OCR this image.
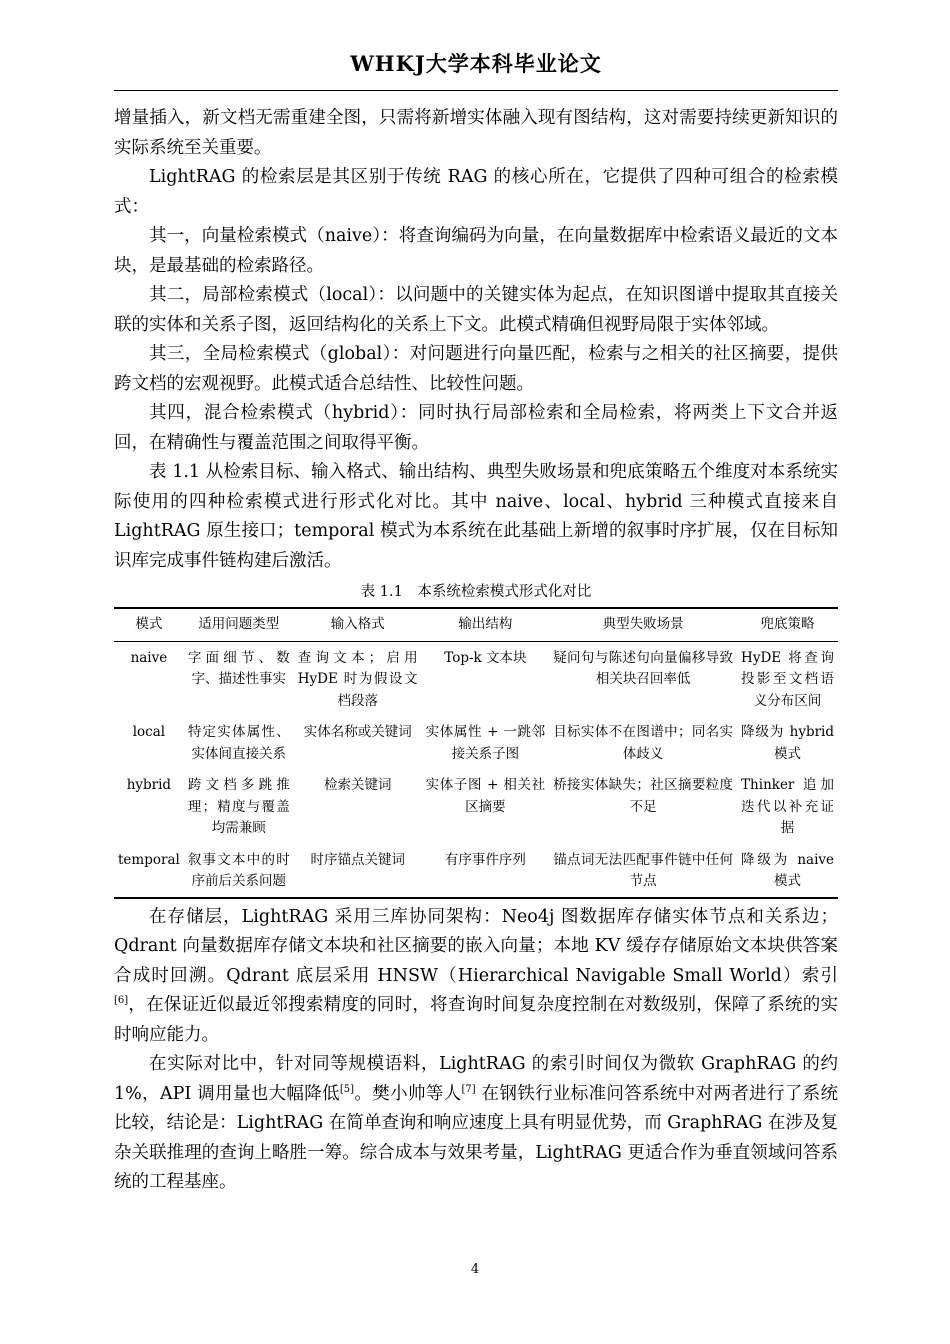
WHKJ大学本科毕业论文

增量插入，新文档无需重建全图，只需将新增实体融入现有图结构，这对需要持续更新知识的实际系统至关重要。

LightRAG 的检索层是其区别于传统 RAG 的核心所在，它提供了四种可组合的检索模式：

其一，向量检索模式（naive）：将查询编码为向量，在向量数据库中检索语义最近的文本块，是最基础的检索路径。

其二，局部检索模式（local）：以问题中的关键实体为起点，在知识图谱中提取其直接关联的实体和关系子图，返回结构化的关系上下文。此模式精确但视野局限于实体邻域。

其三，全局检索模式（global）：对问题进行向量匹配，检索与之相关的社区摘要，提供跨文档的宏观视野。此模式适合总结性、比较性问题。

其四，混合检索模式（hybrid）：同时执行局部检索和全局检索，将两类上下文合并返回，在精确性与覆盖范围之间取得平衡。

表 1.1 从检索目标、输入格式、输出结构、典型失败场景和兜底策略五个维度对本系统实际使用的四种检索模式进行形式化对比。其中 naive、local、hybrid 三种模式直接来自 LightRAG 原生接口；temporal 模式为本系统在此基础上新增的叙事时序扩展，仅在目标知识库完成事件链构建后激活。

表 1.1　本系统检索模式形式化对比
模式	适用问题类型	输入格式	输出结构	典型失败场景	兜底策略
naive	字面细节、数字、描述性事实	查询文本；启用 HyDE 时为假设文档段落	Top-k 文本块	疑问句与陈述句向量偏移导致相关块召回率低	HyDE 将查询投影至文档语义分布区间
local	特定实体属性、实体间直接关系	实体名称或关键词	实体属性 + 一跳邻接关系子图	目标实体不在图谱中；同名实体歧义	降级为 hybrid 模式
hybrid	跨文档多跳推理；精度与覆盖均需兼顾	检索关键词	实体子图 + 相关社区摘要	桥接实体缺失；社区摘要粒度不足	Thinker 追加迭代以补充证据
temporal	叙事文本中的时序前后关系问题	时序锚点关键词	有序事件序列	锚点词无法匹配事件链中任何节点	降级为 naive 模式

在存储层，LightRAG 采用三库协同架构：Neo4j 图数据库存储实体节点和关系边；Qdrant 向量数据库存储文本块和社区摘要的嵌入向量；本地 KV 缓存存储原始文本块供答案合成时回溯。Qdrant 底层采用 HNSW（Hierarchical Navigable Small World）索引[6]，在保证近似最近邻搜索精度的同时，将查询时间复杂度控制在对数级别，保障了系统的实时响应能力。

在实际对比中，针对同等规模语料，LightRAG 的索引时间仅为微软 GraphRAG 的约 1%，API 调用量也大幅降低[5]。樊小帅等人[7] 在钢铁行业标准问答系统中对两者进行了系统比较，结论是：LightRAG 在简单查询和响应速度上具有明显优势，而 GraphRAG 在涉及复杂关联推理的查询上略胜一筹。综合成本与效果考量，LightRAG 更适合作为垂直领域问答系统的工程基座。

4
